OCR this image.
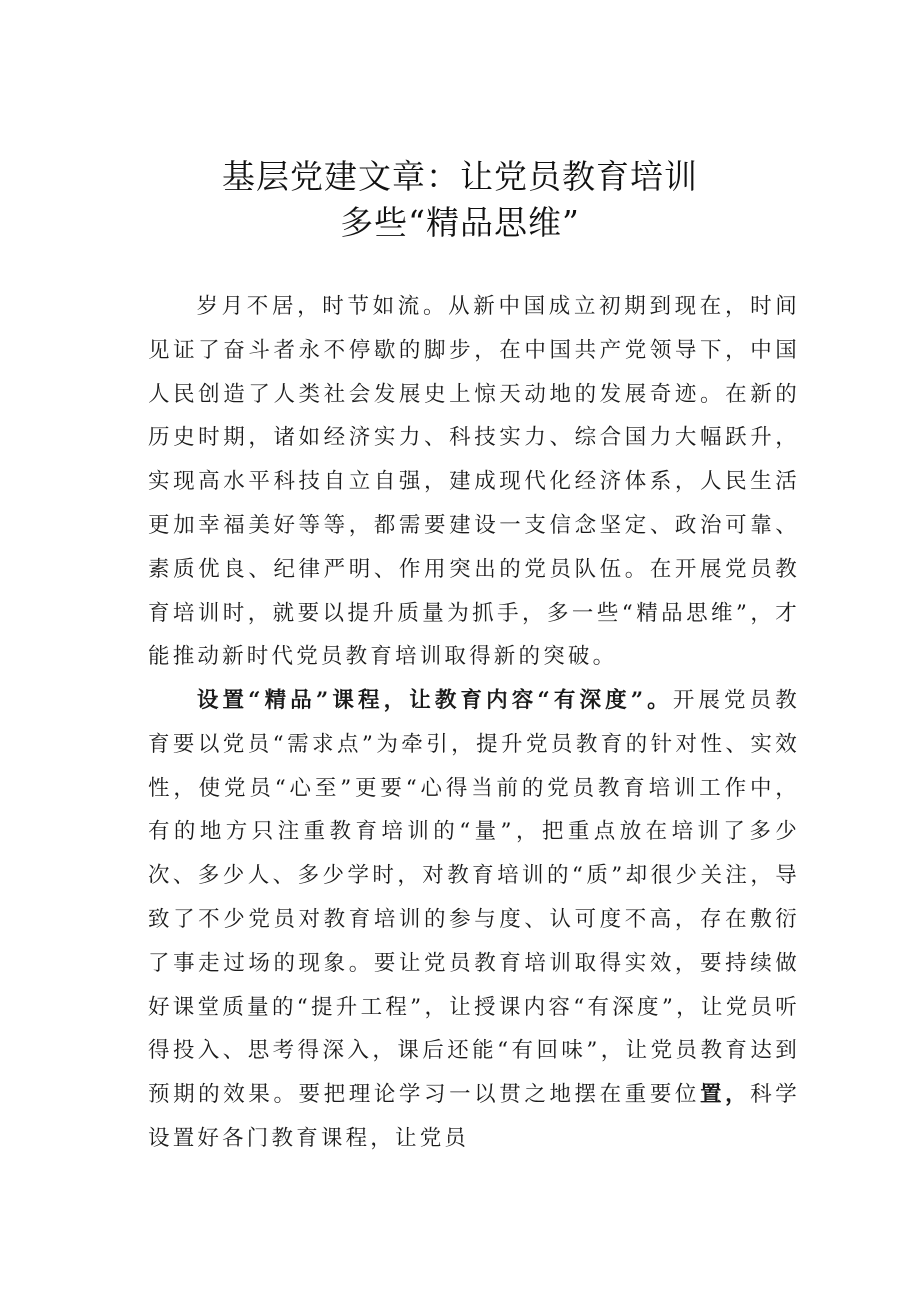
基层党建文章：让党员教育培训
多些“精品思维”

岁月不居，时节如流。从新中国成立初期到现在，时间见证了奋斗者永不停歇的脚步，在中国共产党领导下，中国人民创造了人类社会发展史上惊天动地的发展奇迹。在新的历史时期，诸如经济实力、科技实力、综合国力大幅跃升，实现高水平科技自立自强，建成现代化经济体系，人民生活更加幸福美好等等，都需要建设一支信念坚定、政治可靠、素质优良、纪律严明、作用突出的党员队伍。在开展党员教育培训时，就要以提升质量为抓手，多一些“精品思维”，才能推动新时代党员教育培训取得新的突破。

设置“精品”课程，让教育内容“有深度”。开展党员教育要以党员“需求点”为牵引，提升党员教育的针对性、实效性，使党员“心至”更要“心得当前的党员教育培训工作中，有的地方只注重教育培训的“量”，把重点放在培训了多少次、多少人、多少学时，对教育培训的“质”却很少关注，导致了不少党员对教育培训的参与度、认可度不高，存在敷衍了事走过场的现象。要让党员教育培训取得实效，要持续做好课堂质量的“提升工程”，让授课内容“有深度”，让党员听得投入、思考得深入，课后还能“有回味”，让党员教育达到预期的效果。要把理论学习一以贯之地摆在重要位置，科学设置好各门教育课程，让党员
